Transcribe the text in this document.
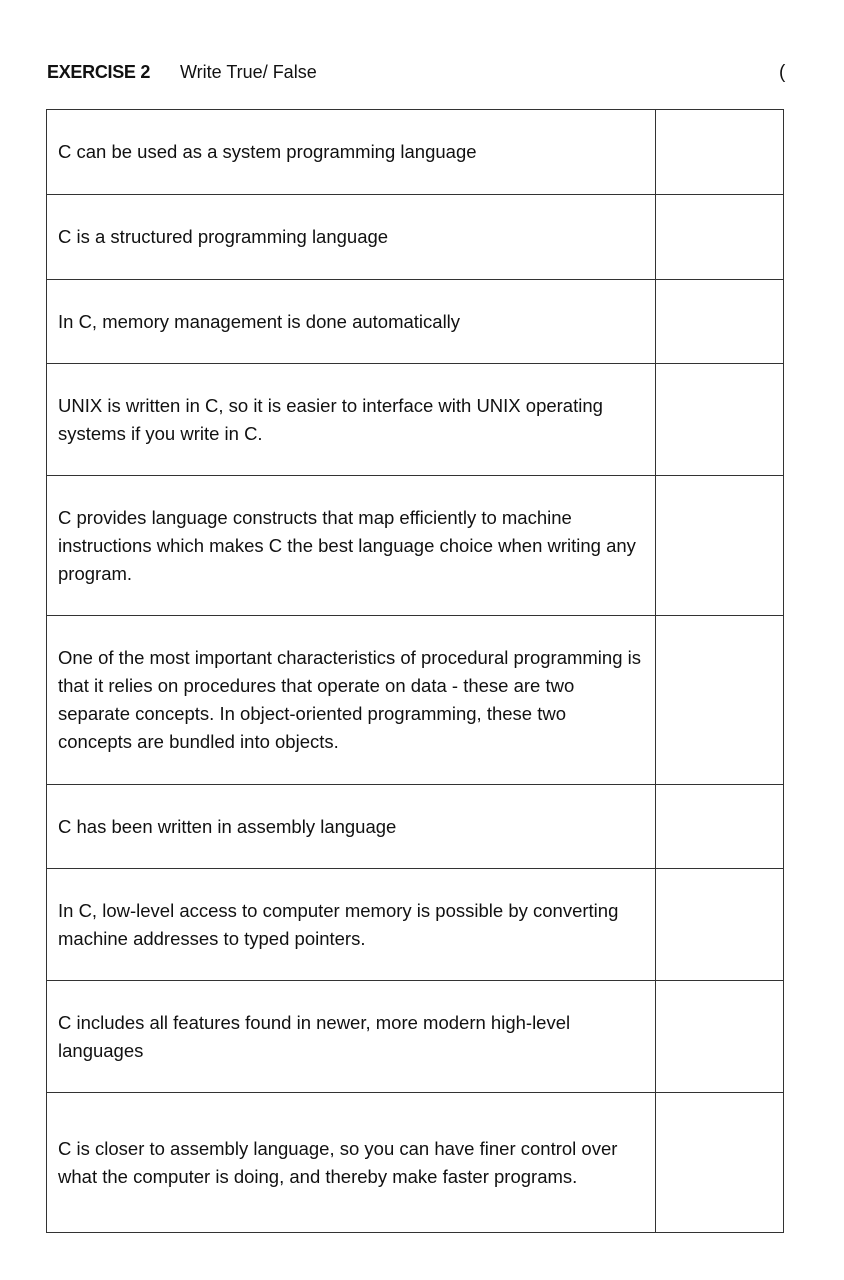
EXERCISE 2 Write True/ False	(
C can be used as a system programming language	
C is a structured programming language	
In C, memory management is done automatically	
UNIX is written in C, so it is easier to interface with UNIX operating systems if you write in C.	
C provides language constructs that map efficiently to machine instructions which makes C the best language choice when writing any program.	
One of the most important characteristics of procedural programming is that it relies on procedures that operate on data - these are two separate concepts. In object-oriented programming, these two concepts are bundled into objects.	
C has been written in assembly language	
In C, low-level access to computer memory is possible by converting machine addresses to typed pointers.	
C includes all features found in newer, more modern high-level languages	
C is closer to assembly language, so you can have finer control over what the computer is doing, and thereby make faster programs.	
